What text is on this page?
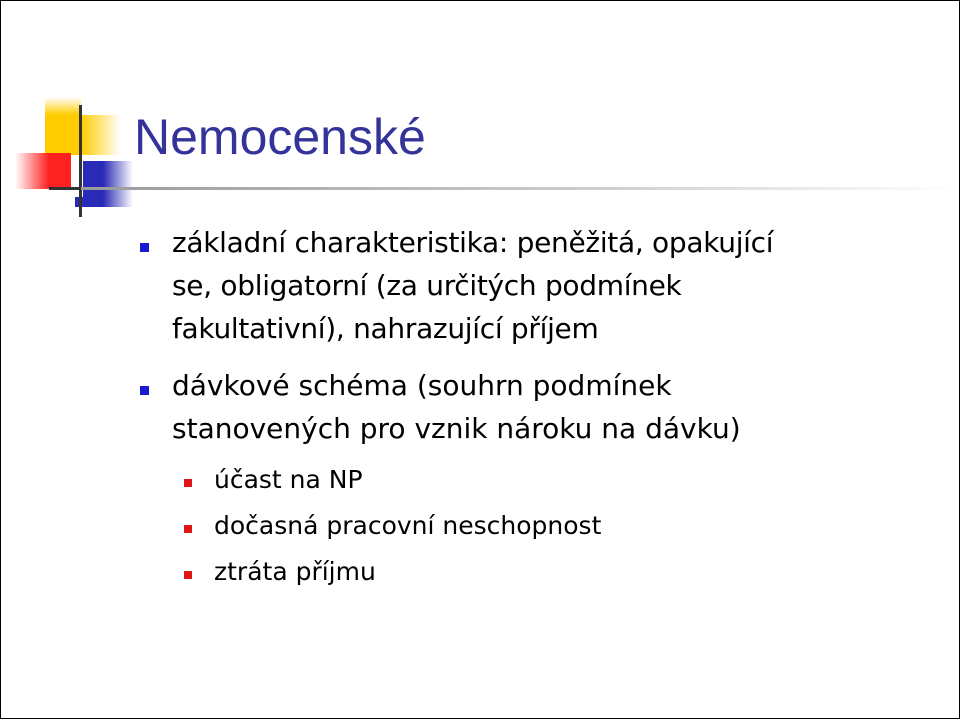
Nemocenské
základní charakteristika: peněžitá, opakující
se, obligatorní (za určitých podmínek
fakultativní), nahrazující příjem
dávkové schéma (souhrn podmínek
stanovených pro vznik nároku na dávku)
účast na NP
dočasná pracovní neschopnost
ztráta příjmu
